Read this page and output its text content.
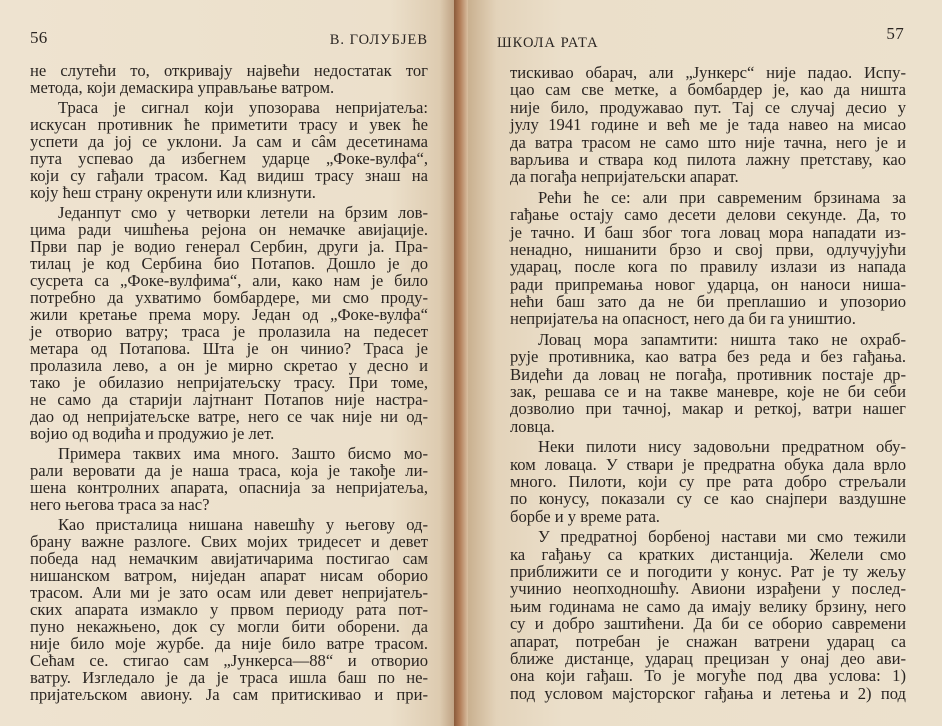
56	В. ГОЛУБЈЕВ
не слутећи то, откривају највећи недостатак тог
метода, који демаскира управљање ватром.
Траса је сигнал који упозорава непријатеља:
искусан противник ће приметити трасу и увек ће
успети да јој се уклони. Ја сам и сâм десетинама
пута успевао да избегнем ударце „Фоке-вулфа“,
који су гађали трасом. Кад видиш трасу знаш на
коју ћеш страну окренути или клизнути.
Једанпут смо у четворки летели на брзим лов-
цима ради чишћења рејона он немачке авијације.
Први пар је водио генерал Сербин, други ја. Пра-
тилац је код Сербина био Потапов. Дошло је до
сусрета са „Фоке-вулфима“, али, како нам је било
потребно да ухватимо бомбардере, ми смо проду-
жили кретање према мору. Један од „Фоке-вулфа“
је отворио ватру; траса је пролазила на педесет
метара од Потапова. Шта је он чинио? Траса је
пролазила лево, а он је мирно скретао у десно и
тако је обилазио непријатељску трасу. При томе,
не само да старији лајтнант Потапов није настра-
дао од непријатељске ватре, него се чак није ни од-
војио од водића и продужио је лет.
Примера таквих има много. Зашто бисмо мо-
рали веровати да је наша траса, која је такође ли-
шена контролних апарата, опаснија за непријатеља,
него његова траса за нас?
Као присталица нишана навешћу у његову од-
брану важне разлоге. Свих мојих тридесет и девет
победа над немачким авијатичарима постигао сам
нишанском ватром, ниједан апарат нисам оборио
трасом. Али ми је зато осам или девет непријатељ-
ских апарата измакло у првом периоду рата пот-
пуно некажњено, док су могли бити оборени. да
није било моје журбе. да није било ватре трасом.
Сећам се. стигао сам „Јункерса—88“ и отворио
ватру. Изгледало је да је траса ишла баш по не-
пријатељском авиону. Ја сам притискивао и при-
ШКОЛА РАТА	57
тискивао обарач, али „Јункерс“ није падао. Испу-
цао сам све метке, а бомбардер је, као да ништа
није било, продужавао пут. Тај се случај десио у
јулу 1941 године и већ ме је тада навео на мисао
да ватра трасом не само што није тачна, него је и
варљива и ствара код пилота лажну претставу, као
да погађа непријатељски апарат.
Рећи ће се: али при савременим брзинама за
гађање остају само десети делови секунде. Да, то
је тачно. И баш због тога ловац мора нападати из-
ненадно, нишанити брзо и свој први, одлучујући
ударац, после кога по правилу излази из напада
ради припремања новог ударца, он наноси ниша-
нећи баш зато да не би преплашио и упозорио
непријатеља на опасност, него да би га уништио.
Ловац мора запамтити: ништа тако не охраб-
рује противника, као ватра без реда и без гађања.
Видећи да ловац не погађа, противник постаје др-
зак, решава се и на такве маневре, које не би себи
дозволио при тачној, макар и реткој, ватри нашег
ловца.
Неки пилоти нису задовољни предратном обу-
ком ловаца. У ствари је предратна обука дала врло
много. Пилоти, који су пре рата добро стрељали
по конусу, показали су се као снајпери ваздушне
борбе и у време рата.
У предратној борбеној настави ми смо тежили
ка гађању са кратких дистанција. Желели смо
приближити се и погодити у конус. Рат је ту жељу
учинио неопходношћу. Авиони израђени у послед-
њим годинама не само да имају велику брзину, него
су и добро заштићени. Да би се оборио савремени
апарат, потребан је снажан ватрени ударац са
ближе дистанце, ударац прецизан у онај део ави-
она који гађаш. То је могуће под два услова: 1)
под условом мајсторског гађања и летења и 2) под
